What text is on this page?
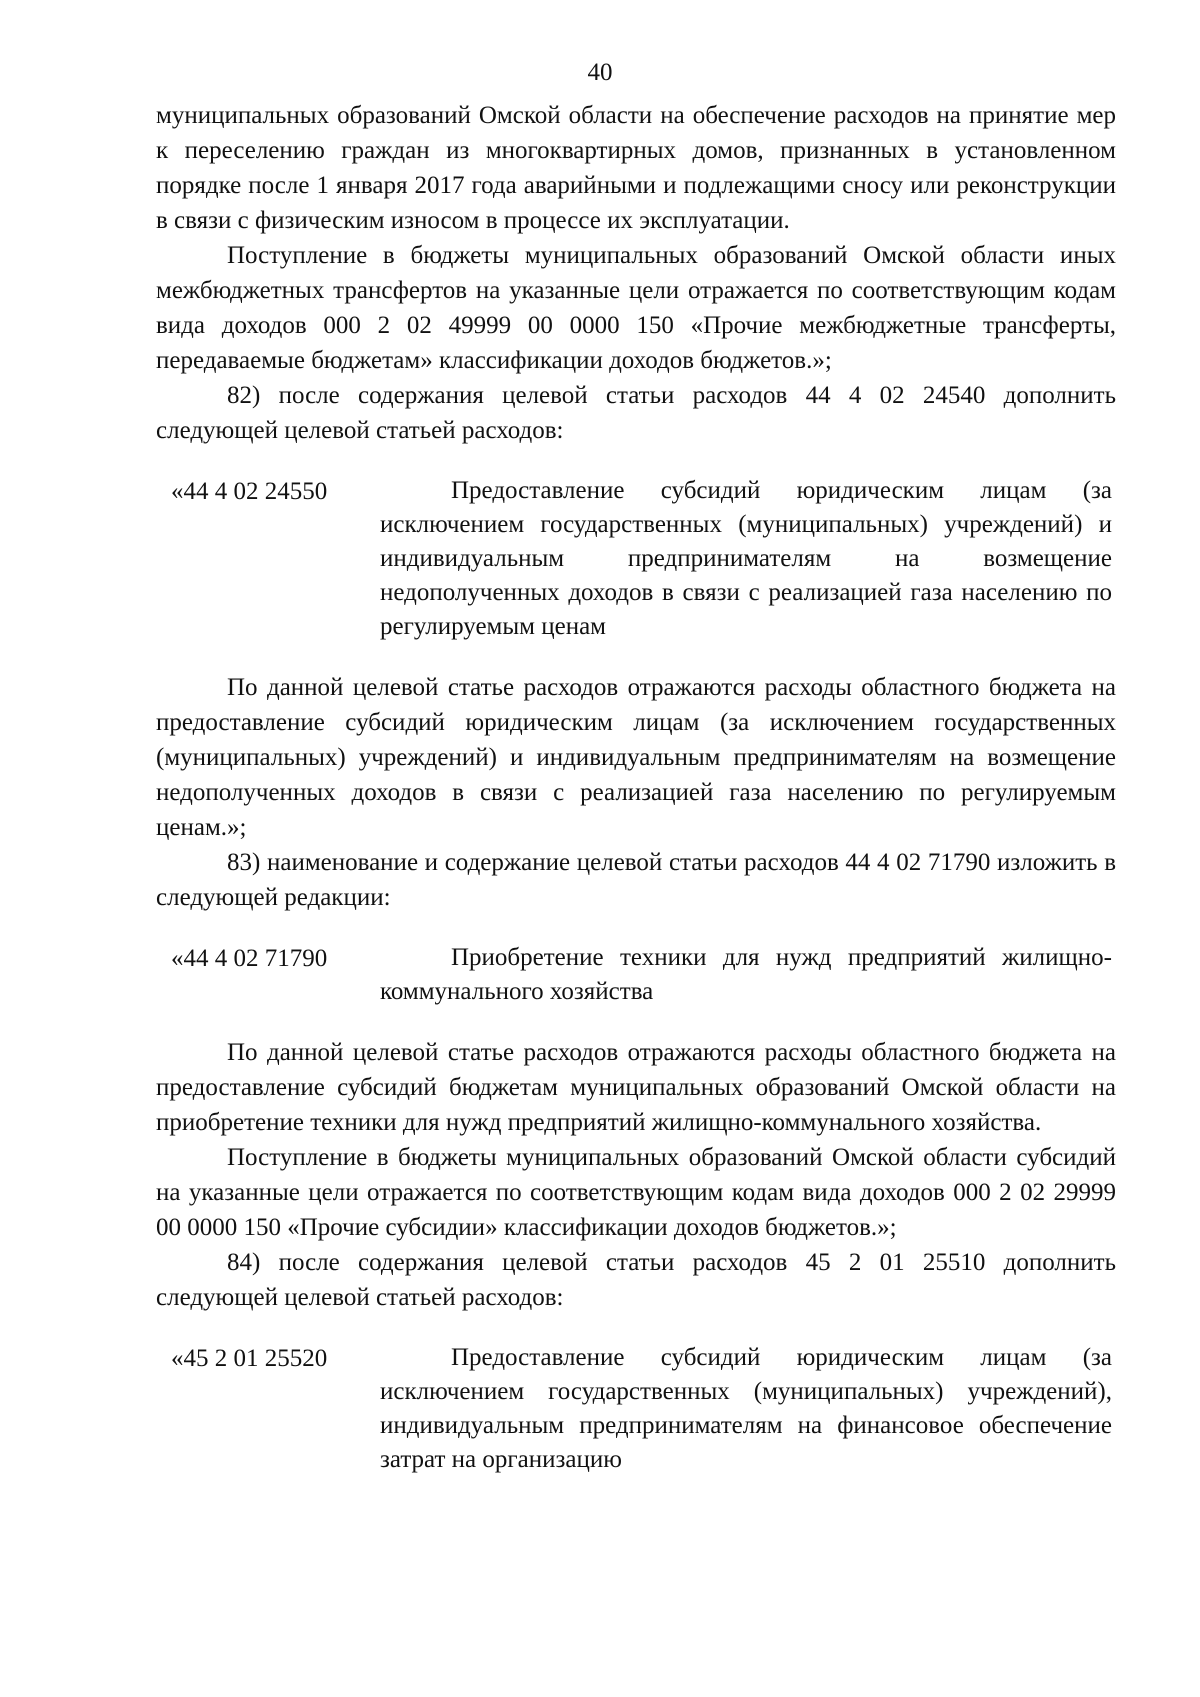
40

муниципальных образований Омской области на обеспечение расходов на принятие мер к переселению граждан из многоквартирных домов, признанных в установленном порядке после 1 января 2017 года аварийными и подлежащими сносу или реконструкции в связи с физическим износом в процессе их эксплуатации.

Поступление в бюджеты муниципальных образований Омской области иных межбюджетных трансфертов на указанные цели отражается по соответствующим кодам вида доходов 000 2 02 49999 00 0000 150 «Прочие межбюджетные трансферты, передаваемые бюджетам» классификации доходов бюджетов.»;

82) после содержания целевой статьи расходов 44 4 02 24540 дополнить следующей целевой статьей расходов:

«44 4 02 24550	Предоставление субсидий юридическим лицам (за исключением государственных (муниципальных) учреждений) и индивидуальным предпринимателям на возмещение недополученных доходов в связи с реализацией газа населению по регулируемым ценам

По данной целевой статье расходов отражаются расходы областного бюджета на предоставление субсидий юридическим лицам (за исключением государственных (муниципальных) учреждений) и индивидуальным предпринимателям на возмещение недополученных доходов в связи с реализацией газа населению по регулируемым ценам.»;

83) наименование и содержание целевой статьи расходов 44 4 02 71790 изложить в следующей редакции:

«44 4 02 71790	Приобретение техники для нужд предприятий жилищно-коммунального хозяйства

По данной целевой статье расходов отражаются расходы областного бюджета на предоставление субсидий бюджетам муниципальных образований Омской области на приобретение техники для нужд предприятий жилищно-коммунального хозяйства.

Поступление в бюджеты муниципальных образований Омской области субсидий на указанные цели отражается по соответствующим кодам вида доходов 000 2 02 29999 00 0000 150 «Прочие субсидии» классификации доходов бюджетов.»;

84) после содержания целевой статьи расходов 45 2 01 25510 дополнить следующей целевой статьей расходов:

«45 2 01 25520	Предоставление субсидий юридическим лицам (за исключением государственных (муниципальных) учреждений), индивидуальным предпринимателям на финансовое обеспечение затрат на организацию
